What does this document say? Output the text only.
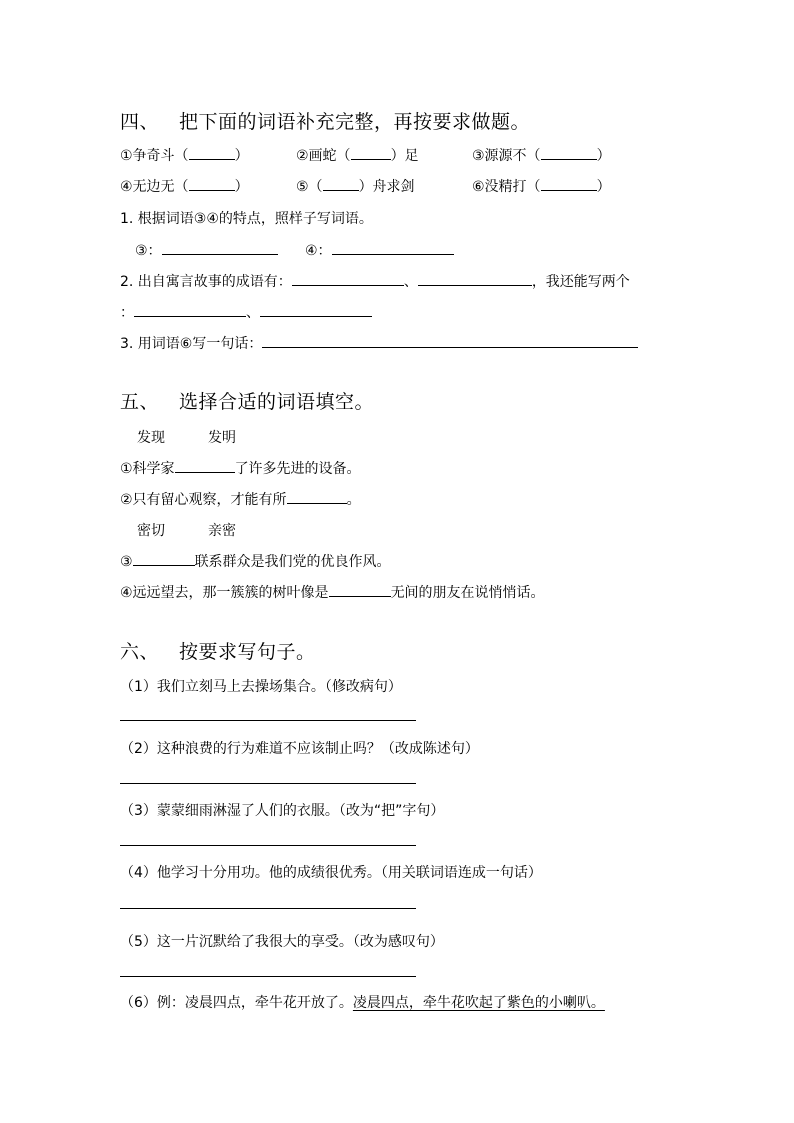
四、 把下面的词语补充完整，再按要求做题。
①争奇斗（	）	②画蛇（	）足	③源源不（	）
④无边无（	）	⑤（	）舟求剑	⑥没精打（	）
1. 根据词语③④的特点，照样子写词语。
③：	④：
2. 出自寓言故事的成语有：	、	，我还能写两个
：	、
3. 用词语⑥写一句话：
五、 选择合适的词语填空。
发现	发明
①科学家	了许多先进的设备。
②只有留心观察，才能有所	。
密切	亲密
③	联系群众是我们党的优良作风。
④远远望去，那一簇簇的树叶像是	无间的朋友在说悄悄话。
六、 按要求写句子。
（1）我们立刻马上去操场集合。（修改病句）
（2）这种浪费的行为难道不应该制止吗？（改成陈述句）
（3）蒙蒙细雨淋湿了人们的衣服。（改为“把”字句）
（4）他学习十分用功。他的成绩很优秀。（用关联词语连成一句话）
（5）这一片沉默给了我很大的享受。（改为感叹句）
（6）例：凌晨四点，牵牛花开放了。凌晨四点，牵牛花吹起了紫色的小喇叭。
